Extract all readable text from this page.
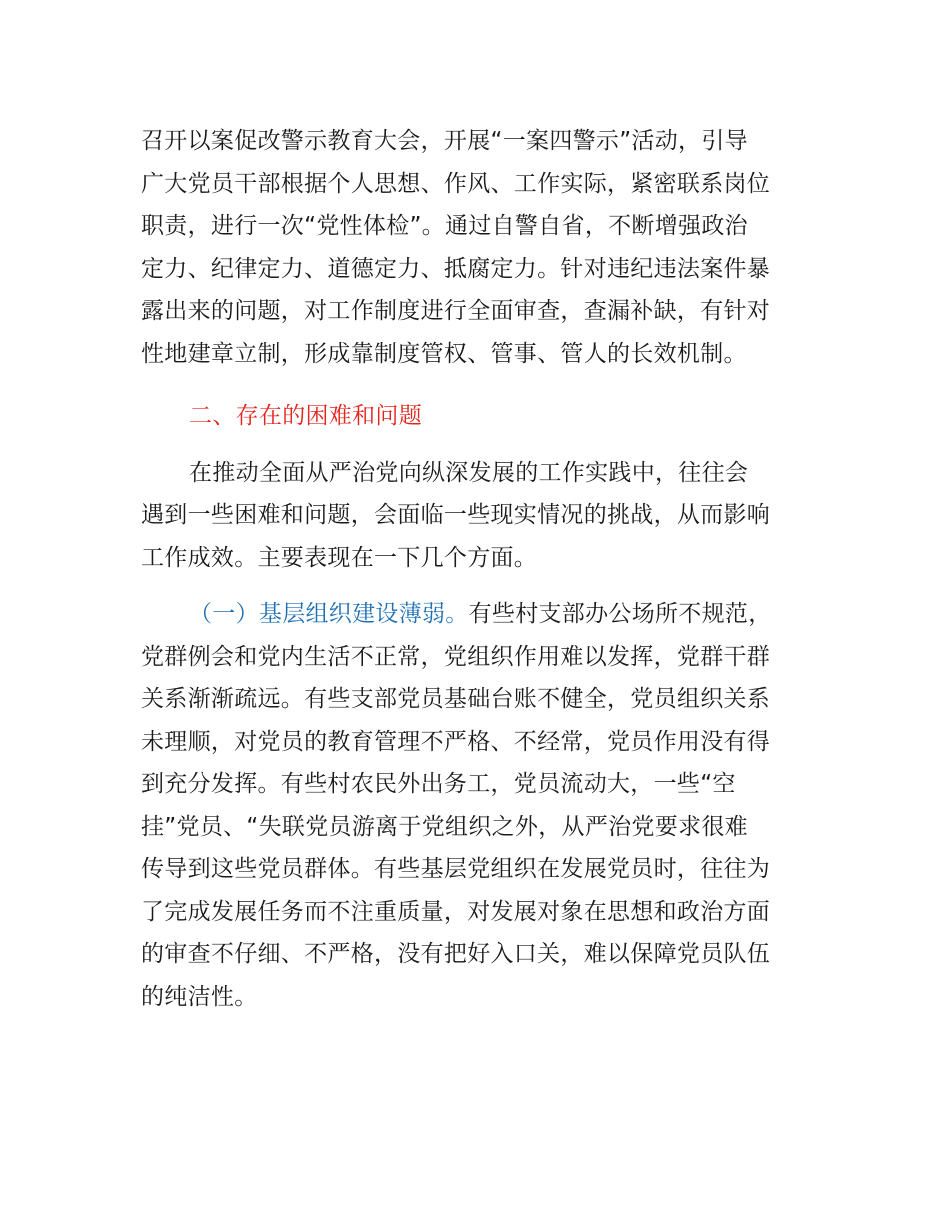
召开以案促改警示教育大会，开展“一案四警示”活动，引导
广大党员干部根据个人思想、作风、工作实际，紧密联系岗位
职责，进行一次“党性体检”。通过自警自省，不断增强政治
定力、纪律定力、道德定力、抵腐定力。针对违纪违法案件暴
露出来的问题，对工作制度进行全面审查，查漏补缺，有针对
性地建章立制，形成靠制度管权、管事、管人的长效机制。

二、存在的困难和问题

在推动全面从严治党向纵深发展的工作实践中，往往会
遇到一些困难和问题，会面临一些现实情况的挑战，从而影响
工作成效。主要表现在一下几个方面。

（一）基层组织建设薄弱。有些村支部办公场所不规范，
党群例会和党内生活不正常，党组织作用难以发挥，党群干群
关系渐渐疏远。有些支部党员基础台账不健全，党员组织关系
未理顺，对党员的教育管理不严格、不经常，党员作用没有得
到充分发挥。有些村农民外出务工，党员流动大，一些“空
挂”党员、“失联党员游离于党组织之外，从严治党要求很难
传导到这些党员群体。有些基层党组织在发展党员时，往往为
了完成发展任务而不注重质量，对发展对象在思想和政治方面
的审查不仔细、不严格，没有把好入口关，难以保障党员队伍
的纯洁性。
